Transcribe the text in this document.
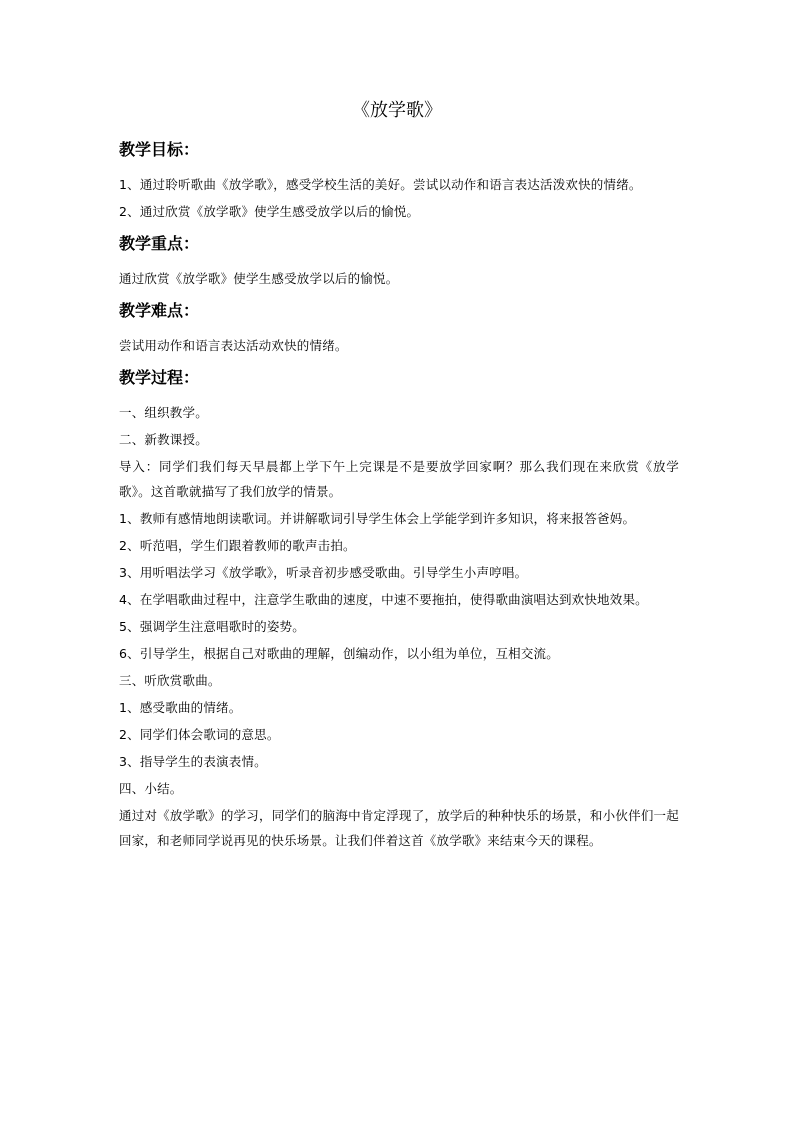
《放学歌》
教学目标：

1、通过聆听歌曲《放学歌》，感受学校生活的美好。尝试以动作和语言表达活泼欢快的情绪。

2、通过欣赏《放学歌》使学生感受放学以后的愉悦。

教学重点：

通过欣赏《放学歌》使学生感受放学以后的愉悦。

教学难点：

尝试用动作和语言表达活动欢快的情绪。

教学过程：

一、组织教学。

二、新教课授。

导入：同学们我们每天早晨都上学下午上完课是不是要放学回家啊？那么我们现在来欣赏《放学歌》。这首歌就描写了我们放学的情景。

1、教师有感情地朗读歌词。并讲解歌词引导学生体会上学能学到许多知识，将来报答爸妈。

2、听范唱，学生们跟着教师的歌声击拍。

3、用听唱法学习《放学歌》，听录音初步感受歌曲。引导学生小声哼唱。

4、在学唱歌曲过程中，注意学生歌曲的速度，中速不要拖拍，使得歌曲演唱达到欢快地效果。

5、强调学生注意唱歌时的姿势。

6、引导学生，根据自己对歌曲的理解，创编动作，以小组为单位，互相交流。

三、听欣赏歌曲。

1、感受歌曲的情绪。

2、同学们体会歌词的意思。

3、指导学生的表演表情。

四、小结。

通过对《放学歌》的学习，同学们的脑海中肯定浮现了，放学后的种种快乐的场景，和小伙伴们一起回家，和老师同学说再见的快乐场景。让我们伴着这首《放学歌》来结束今天的课程。
